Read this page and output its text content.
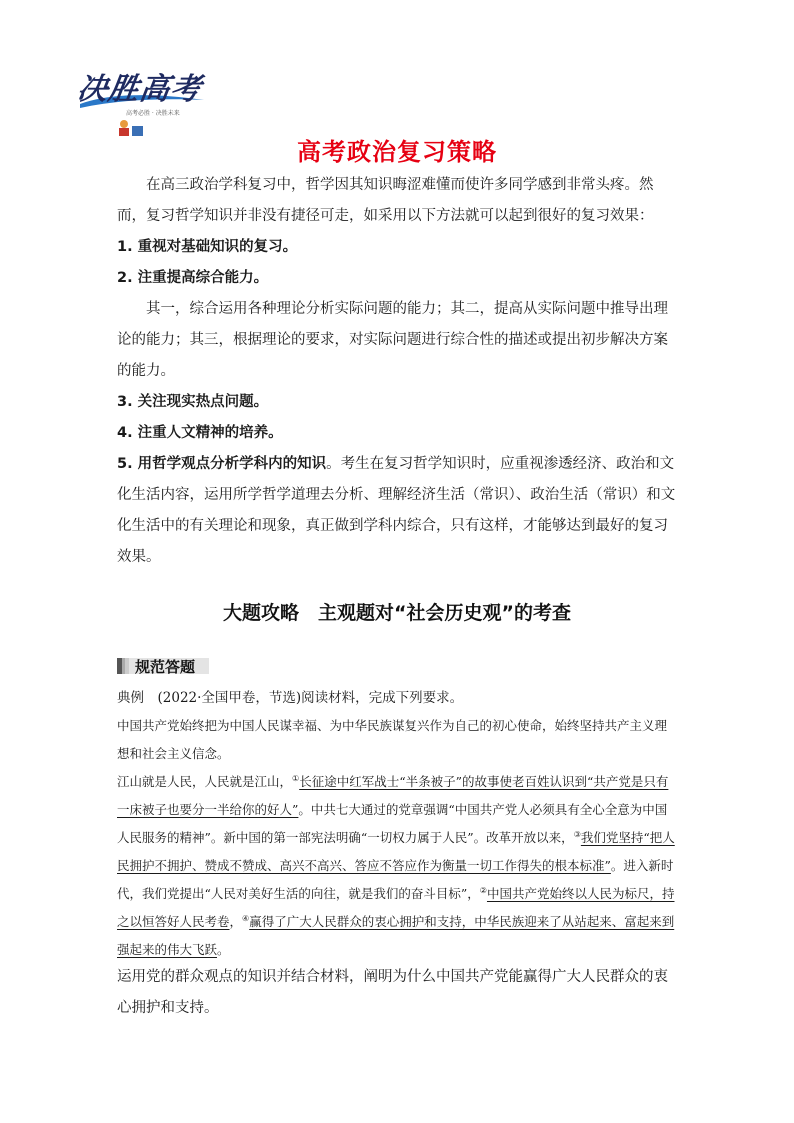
决胜高考
高考必胜 · 决胜未来
高考政治复习策略

在高三政治学科复习中，哲学因其知识晦涩难懂而使许多同学感到非常头疼。然而，复习哲学知识并非没有捷径可走，如采用以下方法就可以起到很好的复习效果：

1. 重视对基础知识的复习。

2. 注重提高综合能力。

其一，综合运用各种理论分析实际问题的能力；其二，提高从实际问题中推导出理论的能力；其三，根据理论的要求，对实际问题进行综合性的描述或提出初步解决方案的能力。

3. 关注现实热点问题。

4. 注重人文精神的培养。

5. 用哲学观点分析学科内的知识。考生在复习哲学知识时，应重视渗透经济、政治和文化生活内容，运用所学哲学道理去分析、理解经济生活（常识）、政治生活（常识）和文化生活中的有关理论和现象，真正做到学科内综合，只有这样，才能够达到最好的复习效果。

大题攻略　主观题对“社会历史观”的考查
规范答题

典例　(2022·全国甲卷，节选)阅读材料，完成下列要求。

中国共产党始终把为中国人民谋幸福、为中华民族谋复兴作为自己的初心使命，始终坚持共产主义理想和社会主义信念。

江山就是人民，人民就是江山，①长征途中红军战士“半条被子”的故事使老百姓认识到“共产党是只有一床被子也要分一半给你的好人”。中共七大通过的党章强调“中国共产党人必须具有全心全意为中国人民服务的精神”。新中国的第一部宪法明确“一切权力属于人民”。改革开放以来，③我们党坚持“把人民拥护不拥护、赞成不赞成、高兴不高兴、答应不答应作为衡量一切工作得失的根本标准”。进入新时代，我们党提出“人民对美好生活的向往，就是我们的奋斗目标”，②中国共产党始终以人民为标尺，持之以恒答好人民考卷，④赢得了广大人民群众的衷心拥护和支持，中华民族迎来了从站起来、富起来到强起来的伟大飞跃。

运用党的群众观点的知识并结合材料，阐明为什么中国共产党能赢得广大人民群众的衷心拥护和支持。
